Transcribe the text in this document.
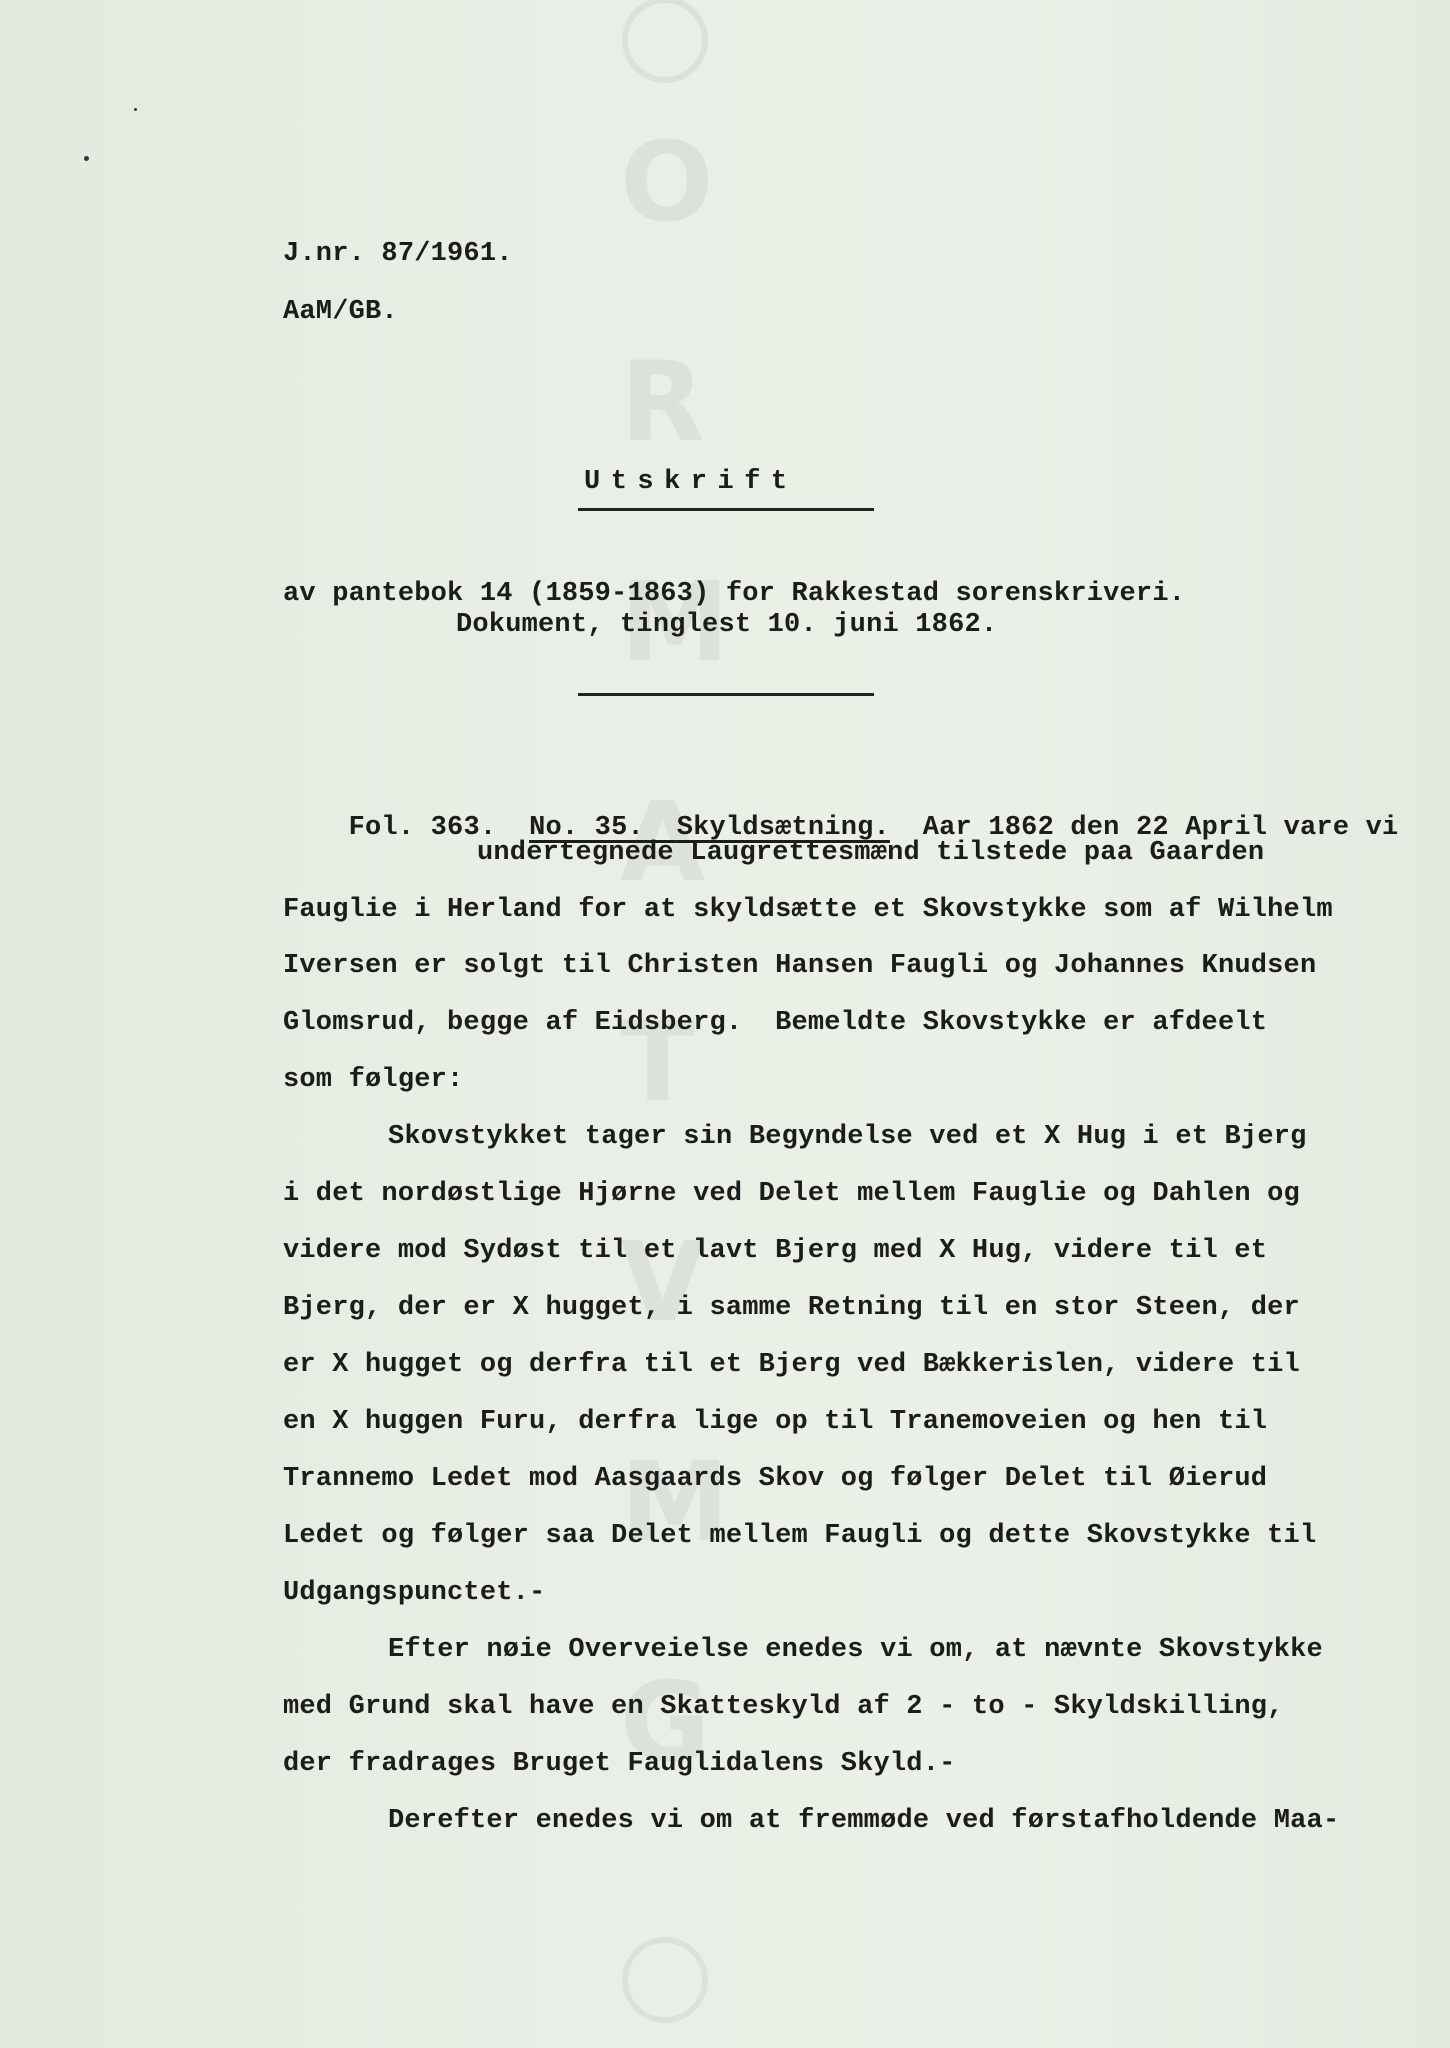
O
R
M
A
T
V
M
G
J.nr. 87/1961.
AaM/GB.
Utskrift
av pantebok 14 (1859-1863) for Rakkestad sorenskriveri.
Dokument, tinglest 10. juni 1862.

Fol. 363. No. 35. Skyldsætning. Aar 1862 den 22 April vare vi

undertegnede Laugrettesmænd tilstede paa Gaarden
Fauglie i Herland for at skyldsætte et Skovstykke som af Wilhelm
Iversen er solgt til Christen Hansen Faugli og Johannes Knudsen
Glomsrud, begge af Eidsberg.  Bemeldte Skovstykke er afdeelt
som følger:
Skovstykket tager sin Begyndelse ved et X Hug i et Bjerg
i det nordøstlige Hjørne ved Delet mellem Fauglie og Dahlen og
videre mod Sydøst til et lavt Bjerg med X Hug, videre til et
Bjerg, der er X hugget, i samme Retning til en stor Steen, der
er X hugget og derfra til et Bjerg ved Bækkerislen, videre til
en X huggen Furu, derfra lige op til Tranemoveien og hen til
Trannemo Ledet mod Aasgaards Skov og følger Delet til Øierud
Ledet og følger saa Delet mellem Faugli og dette Skovstykke til
Udgangspunctet.-
Efter nøie Overveielse enedes vi om, at nævnte Skovstykke
med Grund skal have en Skatteskyld af 2 - to - Skyldskilling,
der fradrages Bruget Fauglidalens Skyld.-
Derefter enedes vi om at fremmøde ved førstafholdende Maa-
